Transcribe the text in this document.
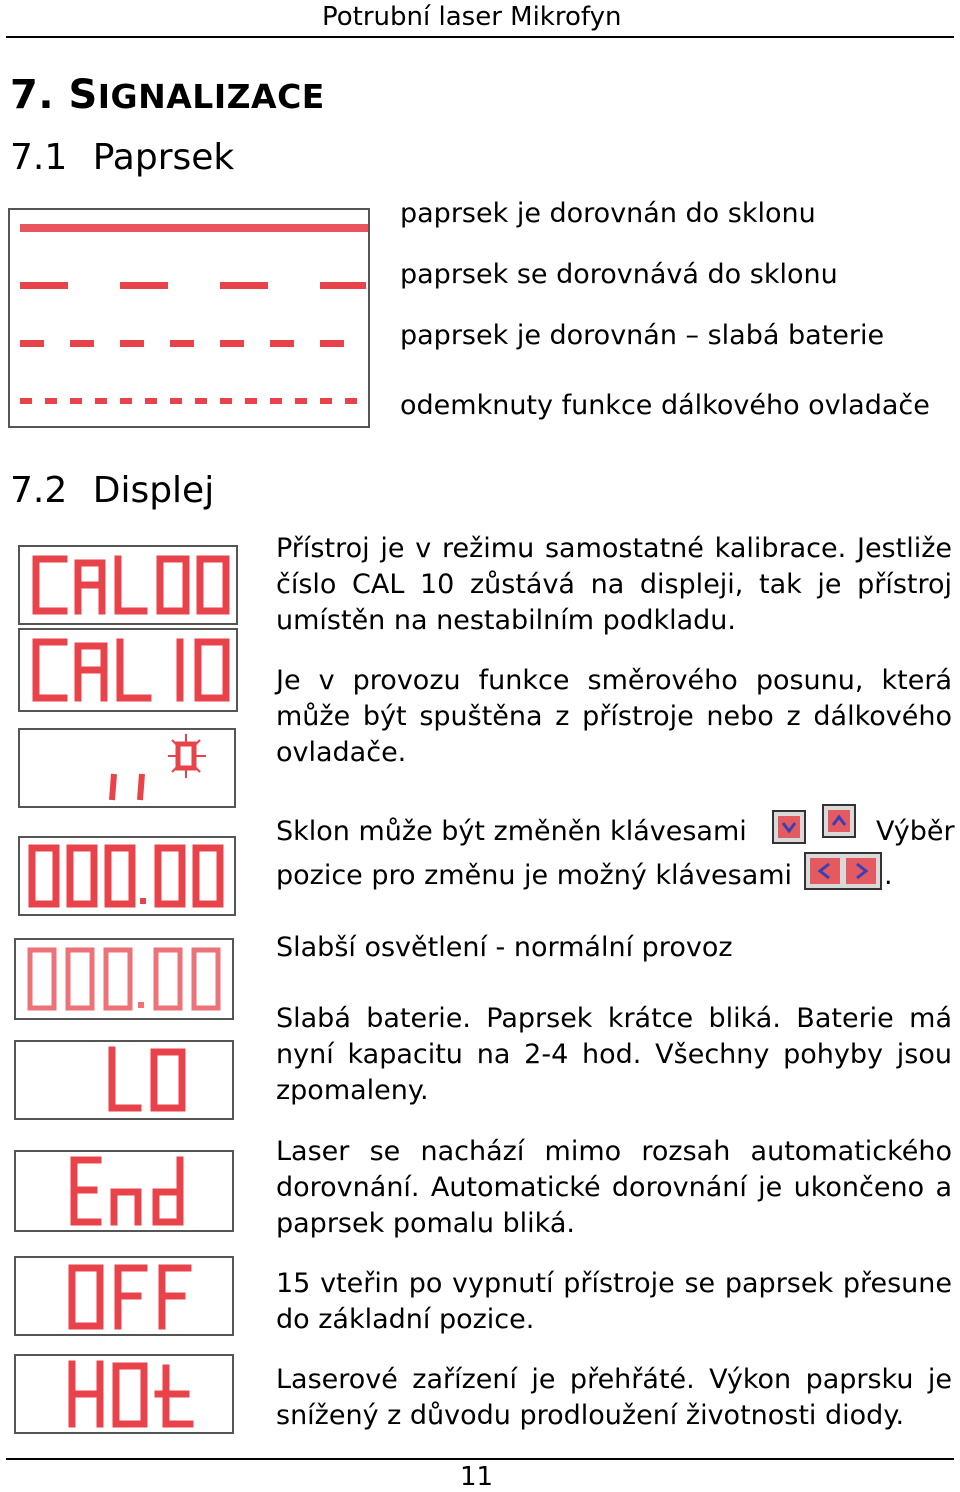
Potrubní laser Mikrofyn
7. SIGNALIZACE
7.1 Paprsek
paprsek je dorovnán do sklonu
paprsek se dorovnává do sklonu
paprsek je dorovnán – slabá baterie
odemknuty funkce dálkového ovladače
7.2 Displej
Přístroj je v režimu samostatné kalibrace. Jestliže číslo CAL 10 zůstává na displeji, tak je přístroj umístěn na nestabilním podkladu.
Je v provozu funkce směrového posunu, která může být spuštěna z přístroje nebo z dálkového ovladače.
Sklon může být změněn klávesami	Výběr
pozice pro změnu je možný klávesami	.
Slabší osvětlení - normální provoz
Slabá baterie. Paprsek krátce bliká. Baterie má nyní kapacitu na 2-4 hod. Všechny pohyby jsou zpomaleny.
Laser se nachází mimo rozsah automatického dorovnání. Automatické dorovnání je ukončeno a paprsek pomalu bliká.
15 vteřin po vypnutí přístroje se paprsek přesune do základní pozice.
Laserové zařízení je přehřáté. Výkon paprsku je snížený z důvodu prodloužení životnosti diody.
11
